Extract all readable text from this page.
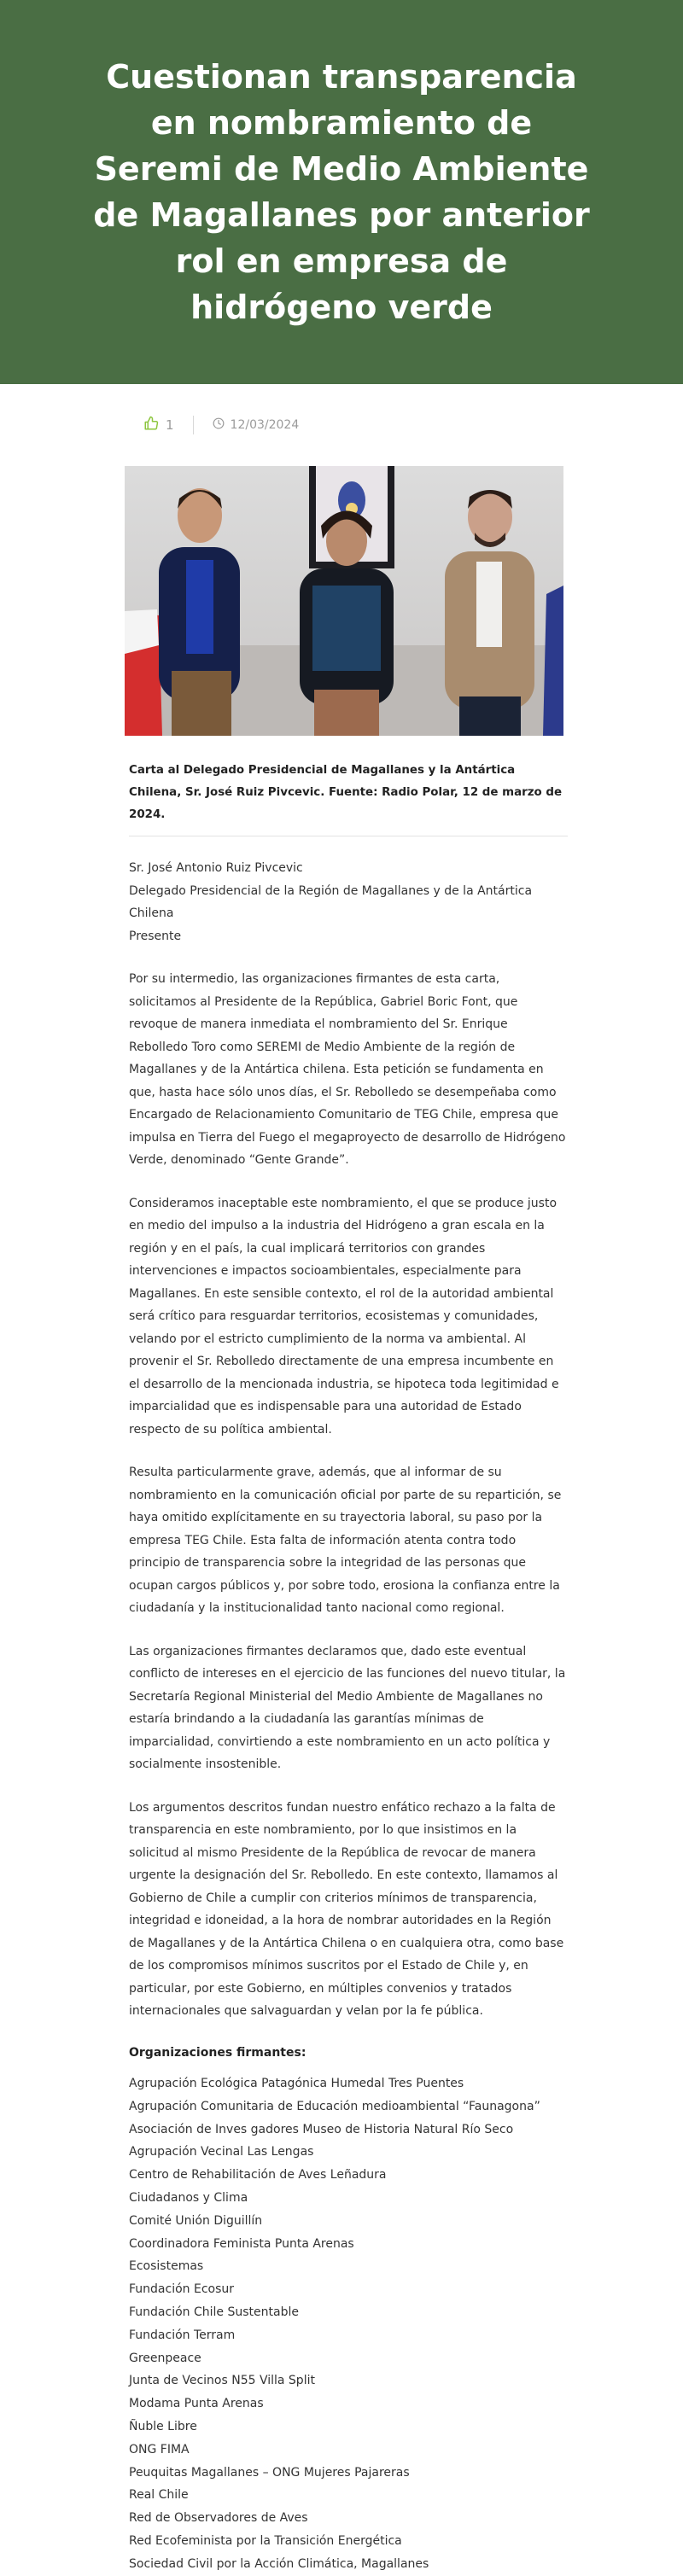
Cuestionan transparencia en nombramiento de Seremi de Medio Ambiente de Magallanes por anterior rol en empresa de hidrógeno verde
1	12/03/2024
Carta al Delegado Presidencial de Magallanes y la Antártica Chilena, Sr. José Ruiz Pivcevic. Fuente: Radio Polar, 12 de marzo de 2024.
Sr. José Antonio Ruiz Pivcevic
Delegado Presidencial de la Región de Magallanes y de la Antártica Chilena
Presente

Por su intermedio, las organizaciones firmantes de esta carta, solicitamos al Presidente de la República, Gabriel Boric Font, que revoque de manera inmediata el nombramiento del Sr. Enrique Rebolledo Toro como SEREMI de Medio Ambiente de la región de Magallanes y de la Antártica chilena. Esta petición se fundamenta en que, hasta hace sólo unos días, el Sr. Rebolledo se desempeñaba como Encargado de Relacionamiento Comunitario de TEG Chile, empresa que impulsa en Tierra del Fuego el megaproyecto de desarrollo de Hidrógeno Verde, denominado “Gente Grande”.

Consideramos inaceptable este nombramiento, el que se produce justo en medio del impulso a la industria del Hidrógeno a gran escala en la región y en el país, la cual implicará territorios con grandes intervenciones e impactos socioambientales, especialmente para Magallanes. En este sensible contexto, el rol de la autoridad ambiental será crítico para resguardar territorios, ecosistemas y comunidades, velando por el estricto cumplimiento de la norma va ambiental. Al provenir el Sr. Rebolledo directamente de una empresa incumbente en el desarrollo de la mencionada industria, se hipoteca toda legitimidad e imparcialidad que es indispensable para una autoridad de Estado respecto de su política ambiental.

Resulta particularmente grave, además, que al informar de su nombramiento en la comunicación oficial por parte de su repartición, se haya omitido explícitamente en su trayectoria laboral, su paso por la empresa TEG Chile. Esta falta de información atenta contra todo principio de transparencia sobre la integridad de las personas que ocupan cargos públicos y, por sobre todo, erosiona la confianza entre la ciudadanía y la institucionalidad tanto nacional como regional.

Las organizaciones firmantes declaramos que, dado este eventual conflicto de intereses en el ejercicio de las funciones del nuevo titular, la Secretaría Regional Ministerial del Medio Ambiente de Magallanes no estaría brindando a la ciudadanía las garantías mínimas de imparcialidad, convirtiendo a este nombramiento en un acto política y socialmente insostenible.

Los argumentos descritos fundan nuestro enfático rechazo a la falta de transparencia en este nombramiento, por lo que insistimos en la solicitud al mismo Presidente de la República de revocar de manera urgente la designación del Sr. Rebolledo. En este contexto, llamamos al Gobierno de Chile a cumplir con criterios mínimos de transparencia, integridad e idoneidad, a la hora de nombrar autoridades en la Región de Magallanes y de la Antártica Chilena o en cualquiera otra, como base de los compromisos mínimos suscritos por el Estado de Chile y, en particular, por este Gobierno, en múltiples convenios y tratados internacionales que salvaguardan y velan por la fe pública.

Organizaciones firmantes:
Agrupación Ecológica Patagónica Humedal Tres Puentes
Agrupación Comunitaria de Educación medioambiental “Faunagona”
Asociación de Inves gadores Museo de Historia Natural Río Seco
Agrupación Vecinal Las Lengas
Centro de Rehabilitación de Aves Leñadura
Ciudadanos y Clima
Comité Unión Diguillín
Coordinadora Feminista Punta Arenas
Ecosistemas
Fundación Ecosur
Fundación Chile Sustentable
Fundación Terram
Greenpeace
Junta de Vecinos N55 Villa Split
Modama Punta Arenas
Ñuble Libre
ONG FIMA
Peuquitas Magallanes – ONG Mujeres Pajareras
Real Chile
Red de Observadores de Aves
Red Ecofeminista por la Transición Energética
Sociedad Civil por la Acción Climática, Magallanes
